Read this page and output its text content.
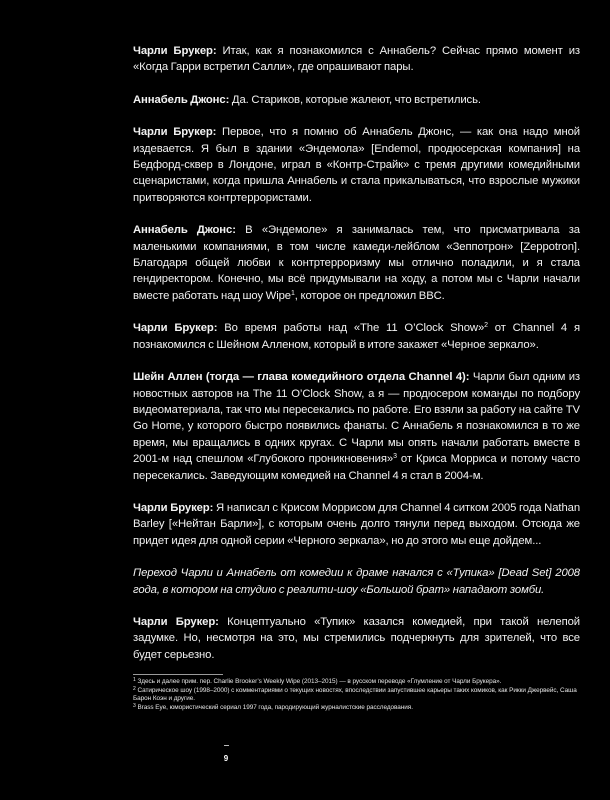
Чарли Брукер: Итак, как я познакомился с Аннабель? Сейчас прямо момент из «Когда Гарри встретил Салли», где опрашивают пары.

Аннабель Джонс: Да. Стариков, которые жалеют, что встретились.

Чарли Брукер: Первое, что я помню об Аннабель Джонс, — как она надо мной издевается. Я был в здании «Эндемола» [Endemol, продюсерская компания] на Бедфорд-сквер в Лондоне, играл в «Контр-Страйк» с тремя другими комедийными сценаристами, когда пришла Аннабель и стала прикалываться, что взрослые мужики притворяются контртеррористами.

Аннабель Джонс: В «Эндемоле» я занималась тем, что присматривала за маленькими компаниями, в том числе камеди-лейблом «Зеппотрон» [Zeppotron]. Благодаря общей любви к контртерроризму мы отлично поладили, и я стала гендиректором. Конечно, мы всё придумывали на ходу, а потом мы с Чарли начали вместе работать над шоу Wipe$^1$, которое он предложил BBC.

Чарли Брукер: Во время работы над «The 11 O’Clock Show»$^2$ от Channel 4 я познакомился с Шейном Алленом, который в итоге закажет «Черное зеркало».

Шейн Аллен (тогда — глава комедийного отдела Channel 4): Чарли был одним из новостных авторов на The 11 O’Clock Show, а я — продюсером команды по подбору видеоматериала, так что мы пересекались по работе. Его взяли за работу на сайте TV Go Home, у которого быстро появились фанаты. С Аннабель я познакомился в то же время, мы вращались в одних кругах. С Чарли мы опять начали работать вместе в 2001-м над спешлом «Глубокого проникновения»$^3$ от Криса Морриса и потому часто пересекались. Заведующим комедией на Channel 4 я стал в 2004-м.

Чарли Брукер: Я написал с Крисом Моррисом для Channel 4 ситком 2005 года Nathan Barley [«Нейтан Барли»], с которым очень долго тянули перед выходом. Отсюда же придет идея для одной серии «Черного зеркала», но до этого мы еще дойдем...

Переход Чарли и Аннабель от комедии к драме начался с «Тупика» [Dead Set] 2008 года, в котором на студию с реалити-шоу «Большой брат» нападают зомби.

Чарли Брукер: Концептуально «Тупик» казался комедией, при такой нелепой задумке. Но, несмотря на это, мы стремились подчеркнуть для зрителей, что все будет серьезно.

$^1$ Здесь и далее прим. пер. Charlie Brooker’s Weekly Wipe (2013–2015) — в русском переводе «Глумление от Чарли Брукера».

$^2$ Сатирическое шоу (1998–2000) с комментариями о текущих новостях, впоследствии запустившее карьеры таких комиков, как Рикки Джервейс, Саша Барон Коэн и другие.

$^3$ Brass Eye, юмористический сериал 1997 года, пародирующий журналистские расследования.

9
